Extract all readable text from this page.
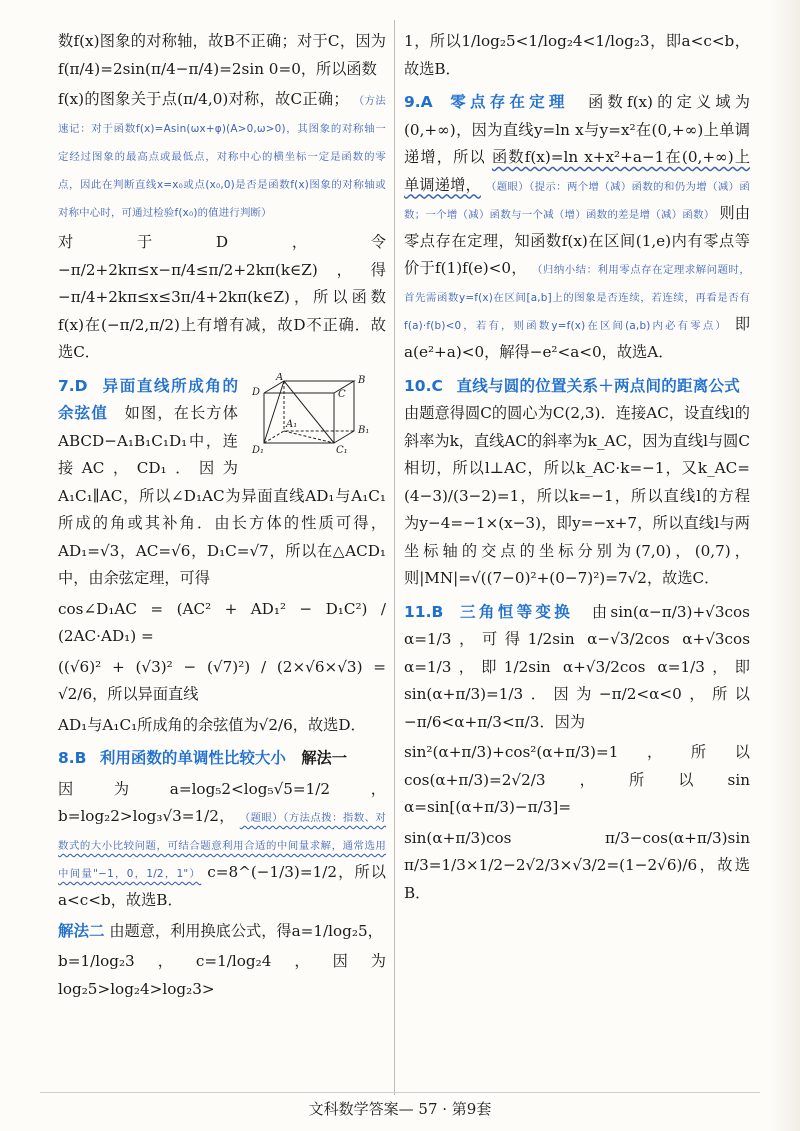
数f(x)图象的对称轴，故B不正确；对于C，因为f(π/4)=2sin(π/4−π/4)=2sin 0=0，所以函数

f(x)的图象关于点(π/4,0)对称，故C正确； （方法速记：对于函数f(x)=Asin(ωx+φ)(A>0,ω>0)，其图象的对称轴一定经过图象的最高点或最低点，对称中心的横坐标一定是函数的零点，因此在判断直线x=x₀或点(x₀,0)是否是函数f(x)图象的对称轴或对称中心时，可通过检验f(x₀)的值进行判断）

对于D，令−π/2+2kπ≤x−π/4≤π/2+2kπ(k∈Z)，得−π/4+2kπ≤x≤3π/4+2kπ(k∈Z)，所以函数f(x)在(−π/2,π/2)上有增有减，故D不正确．故选C．

A	B
C
D
A₁
B₁
C₁
D₁

7.D 异面直线所成角的余弦值 如图，在长方体ABCD−A₁B₁C₁D₁中，连接AC，CD₁．因为A₁C₁∥AC，所以∠D₁AC为异面直线AD₁与A₁C₁所成的角或其补角．由长方体的性质可得，AD₁=√3，AC=√6，D₁C=√7，所以在△ACD₁中，由余弦定理，可得

cos∠D₁AC = (AC² + AD₁² − D₁C²) / (2AC·AD₁) =

((√6)² + (√3)² − (√7)²) / (2×√6×√3) = √2/6，所以异面直线

AD₁与A₁C₁所成角的余弦值为√2/6，故选D．

8.B 利用函数的单调性比较大小 解法一

因为a=log₅2<log₅√5=1/2，b=log₂2>log₃√3=1/2， （题眼）（方法点拨：指数、对数式的大小比较问题，可结合题意利用合适的中间量求解，通常选用中间量"−1，0，1/2，1"） c=8^(−1/3)=1/2，所以a<c<b，故选B．

解法二 由题意，利用换底公式，得a=1/log₂5，

b=1/log₂3，c=1/log₂4，因为log₂5>log₂4>log₂3>

1，所以1/log₂5<1/log₂4<1/log₂3，即a<c<b，故选B．

9.A 零点存在定理 函数f(x)的定义域为(0,+∞)，因为直线y=ln x与y=x²在(0,+∞)上单调递增，所以 函数f(x)=ln x+x²+a−1在(0,+∞)上单调递增， （题眼）（提示：两个增（减）函数的和仍为增（减）函数；一个增（减）函数与一个减（增）函数的差是增（减）函数） 则由零点存在定理，知函数f(x)在区间(1,e)内有零点等价于f(1)f(e)<0， （归纳小结：利用零点存在定理求解问题时，首先需函数y=f(x)在区间[a,b]上的图象是否连续，若连续，再看是否有f(a)·f(b)<0，若有，则函数y=f(x)在区间(a,b)内必有零点） 即a(e²+a)<0，解得−e²<a<0，故选A．

10.C 直线与圆的位置关系＋两点间的距离公式 由题意得圆C的圆心为C(2,3)．连接AC，设直线l的斜率为k，直线AC的斜率为k_AC，因为直线l与圆C相切，所以l⊥AC，所以k_AC·k=−1，又k_AC=(4−3)/(3−2)=1，所以k=−1，所以直线l的方程为y−4=−1×(x−3)，即y=−x+7，所以直线l与两坐标轴的交点的坐标分别为(7,0)，(0,7)，则|MN|=√((7−0)²+(0−7)²)=7√2，故选C．

11.B 三角恒等变换 由sin(α−π/3)+√3cos α=1/3，可得1/2sin α−√3/2cos α+√3cos α=1/3，即1/2sin α+√3/2cos α=1/3，即sin(α+π/3)=1/3．因为−π/2<α<0，所以−π/6<α+π/3<π/3．因为

sin²(α+π/3)+cos²(α+π/3)=1，所以cos(α+π/3)=2√2/3，所以sin α=sin[(α+π/3)−π/3]=

sin(α+π/3)cos π/3−cos(α+π/3)sin π/3=1/3×1/2−2√2/3×√3/2=(1−2√6)/6，故选B．

文科数学答案— 57 · 第9套
